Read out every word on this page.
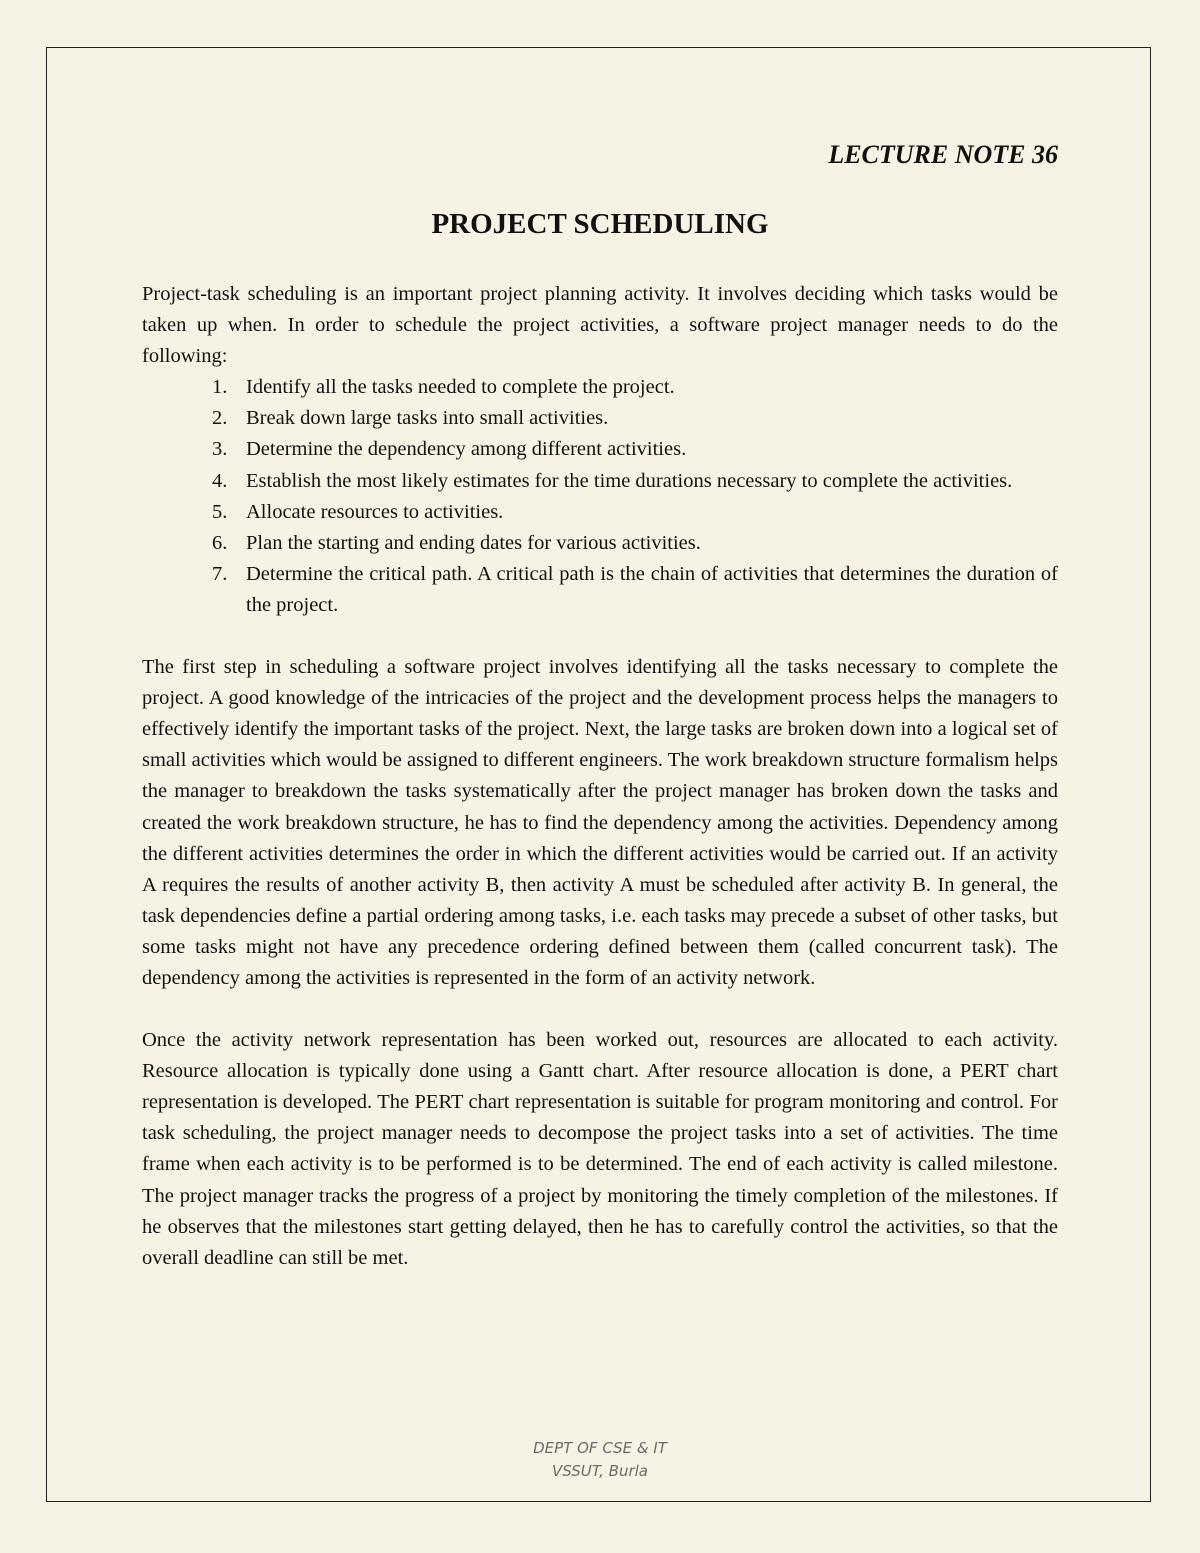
LECTURE NOTE 36
PROJECT SCHEDULING

Project-task scheduling is an important project planning activity. It involves deciding which tasks would be taken up when. In order to schedule the project activities, a software project manager needs to do the following:

1. Identify all the tasks needed to complete the project.
2. Break down large tasks into small activities.
3. Determine the dependency among different activities.
4. Establish the most likely estimates for the time durations necessary to complete the activities.
5. Allocate resources to activities.
6. Plan the starting and ending dates for various activities.
7. Determine the critical path. A critical path is the chain of activities that determines the duration of the project.

The first step in scheduling a software project involves identifying all the tasks necessary to complete the project. A good knowledge of the intricacies of the project and the development process helps the managers to effectively identify the important tasks of the project. Next, the large tasks are broken down into a logical set of small activities which would be assigned to different engineers. The work breakdown structure formalism helps the manager to breakdown the tasks systematically after the project manager has broken down the tasks and created the work breakdown structure, he has to find the dependency among the activities. Dependency among the different activities determines the order in which the different activities would be carried out. If an activity A requires the results of another activity B, then activity A must be scheduled after activity B. In general, the task dependencies define a partial ordering among tasks, i.e. each tasks may precede a subset of other tasks, but some tasks might not have any precedence ordering defined between them (called concurrent task). The dependency among the activities is represented in the form of an activity network.

Once the activity network representation has been worked out, resources are allocated to each activity. Resource allocation is typically done using a Gantt chart. After resource allocation is done, a PERT chart representation is developed. The PERT chart representation is suitable for program monitoring and control. For task scheduling, the project manager needs to decompose the project tasks into a set of activities. The time frame when each activity is to be performed is to be determined. The end of each activity is called milestone. The project manager tracks the progress of a project by monitoring the timely completion of the milestones. If he observes that the milestones start getting delayed, then he has to carefully control the activities, so that the overall deadline can still be met.

DEPT OF CSE & IT
VSSUT, Burla
